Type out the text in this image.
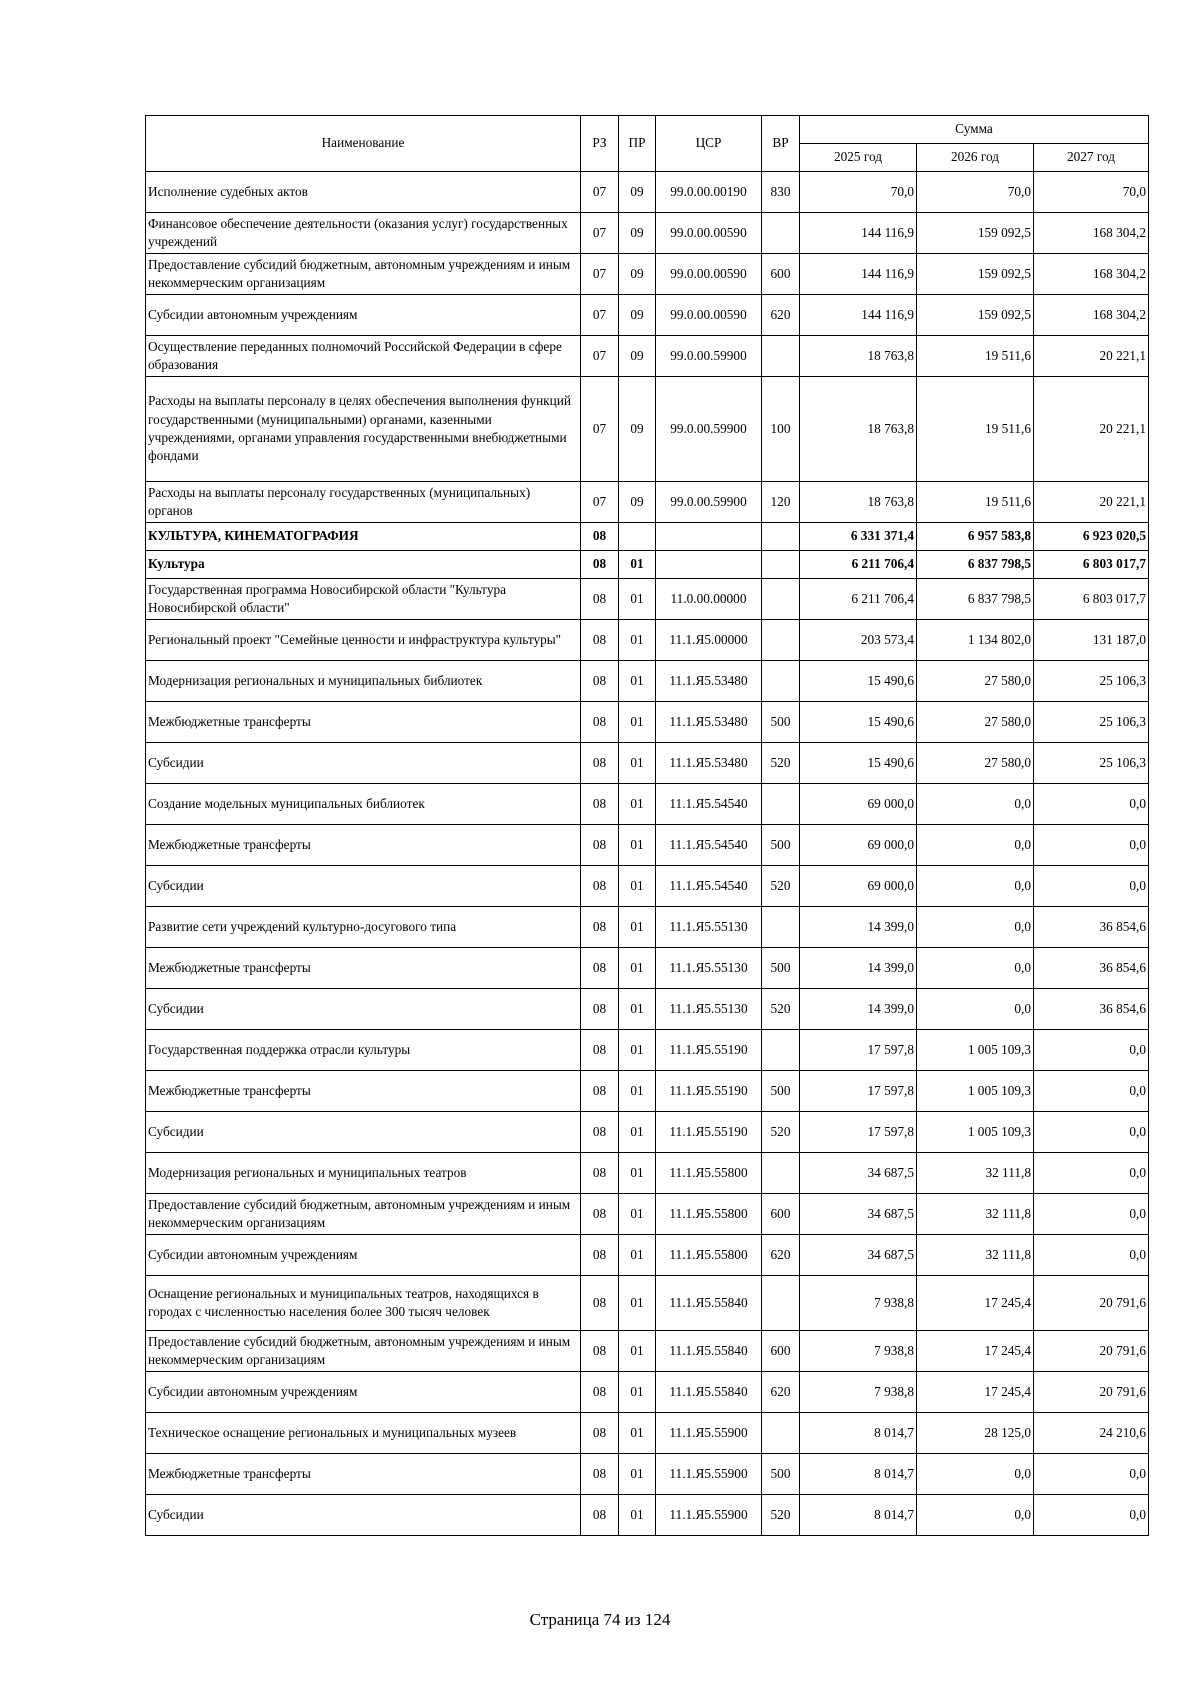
Наименование	РЗ	ПР	ЦСР	ВР	Сумма		
					2025 год	2026 год	2027 год
Исполнение судебных актов	07	09	99.0.00.00190	830	70,0	70,0	70,0
Финансовое обеспечение деятельности (оказания услуг) государственных учреждений	07	09	99.0.00.00590		144 116,9	159 092,5	168 304,2
Предоставление субсидий бюджетным, автономным учреждениям и иным некоммерческим организациям	07	09	99.0.00.00590	600	144 116,9	159 092,5	168 304,2
Субсидии автономным учреждениям	07	09	99.0.00.00590	620	144 116,9	159 092,5	168 304,2
Осуществление переданных полномочий Российской Федерации в сфере образования	07	09	99.0.00.59900		18 763,8	19 511,6	20 221,1
Расходы на выплаты персоналу в целях обеспечения выполнения функций государственными (муниципальными) органами, казенными учреждениями, органами управления государственными внебюджетными фондами	07	09	99.0.00.59900	100	18 763,8	19 511,6	20 221,1
Расходы на выплаты персоналу государственных (муниципальных) органов	07	09	99.0.00.59900	120	18 763,8	19 511,6	20 221,1
КУЛЬТУРА, КИНЕМАТОГРАФИЯ	08				6 331 371,4	6 957 583,8	6 923 020,5
Культура	08	01			6 211 706,4	6 837 798,5	6 803 017,7
Государственная программа Новосибирской области "Культура Новосибирской области"	08	01	11.0.00.00000		6 211 706,4	6 837 798,5	6 803 017,7
Региональный проект "Семейные ценности и инфраструктура культуры"	08	01	11.1.Я5.00000		203 573,4	1 134 802,0	131 187,0
Модернизация региональных и муниципальных библиотек	08	01	11.1.Я5.53480		15 490,6	27 580,0	25 106,3
Межбюджетные трансферты	08	01	11.1.Я5.53480	500	15 490,6	27 580,0	25 106,3
Субсидии	08	01	11.1.Я5.53480	520	15 490,6	27 580,0	25 106,3
Создание модельных муниципальных библиотек	08	01	11.1.Я5.54540		69 000,0	0,0	0,0
Межбюджетные трансферты	08	01	11.1.Я5.54540	500	69 000,0	0,0	0,0
Субсидии	08	01	11.1.Я5.54540	520	69 000,0	0,0	0,0
Развитие сети учреждений культурно-досугового типа	08	01	11.1.Я5.55130		14 399,0	0,0	36 854,6
Межбюджетные трансферты	08	01	11.1.Я5.55130	500	14 399,0	0,0	36 854,6
Субсидии	08	01	11.1.Я5.55130	520	14 399,0	0,0	36 854,6
Государственная поддержка отрасли культуры	08	01	11.1.Я5.55190		17 597,8	1 005 109,3	0,0
Межбюджетные трансферты	08	01	11.1.Я5.55190	500	17 597,8	1 005 109,3	0,0
Субсидии	08	01	11.1.Я5.55190	520	17 597,8	1 005 109,3	0,0
Модернизация региональных и муниципальных театров	08	01	11.1.Я5.55800		34 687,5	32 111,8	0,0
Предоставление субсидий бюджетным, автономным учреждениям и иным некоммерческим организациям	08	01	11.1.Я5.55800	600	34 687,5	32 111,8	0,0
Субсидии автономным учреждениям	08	01	11.1.Я5.55800	620	34 687,5	32 111,8	0,0
Оснащение региональных и муниципальных театров, находящихся в городах с численностью населения более 300 тысяч человек	08	01	11.1.Я5.55840		7 938,8	17 245,4	20 791,6
Предоставление субсидий бюджетным, автономным учреждениям и иным некоммерческим организациям	08	01	11.1.Я5.55840	600	7 938,8	17 245,4	20 791,6
Субсидии автономным учреждениям	08	01	11.1.Я5.55840	620	7 938,8	17 245,4	20 791,6
Техническое оснащение региональных и муниципальных музеев	08	01	11.1.Я5.55900		8 014,7	28 125,0	24 210,6
Межбюджетные трансферты	08	01	11.1.Я5.55900	500	8 014,7	0,0	0,0
Субсидии	08	01	11.1.Я5.55900	520	8 014,7	0,0	0,0
Страница 74 из 124
